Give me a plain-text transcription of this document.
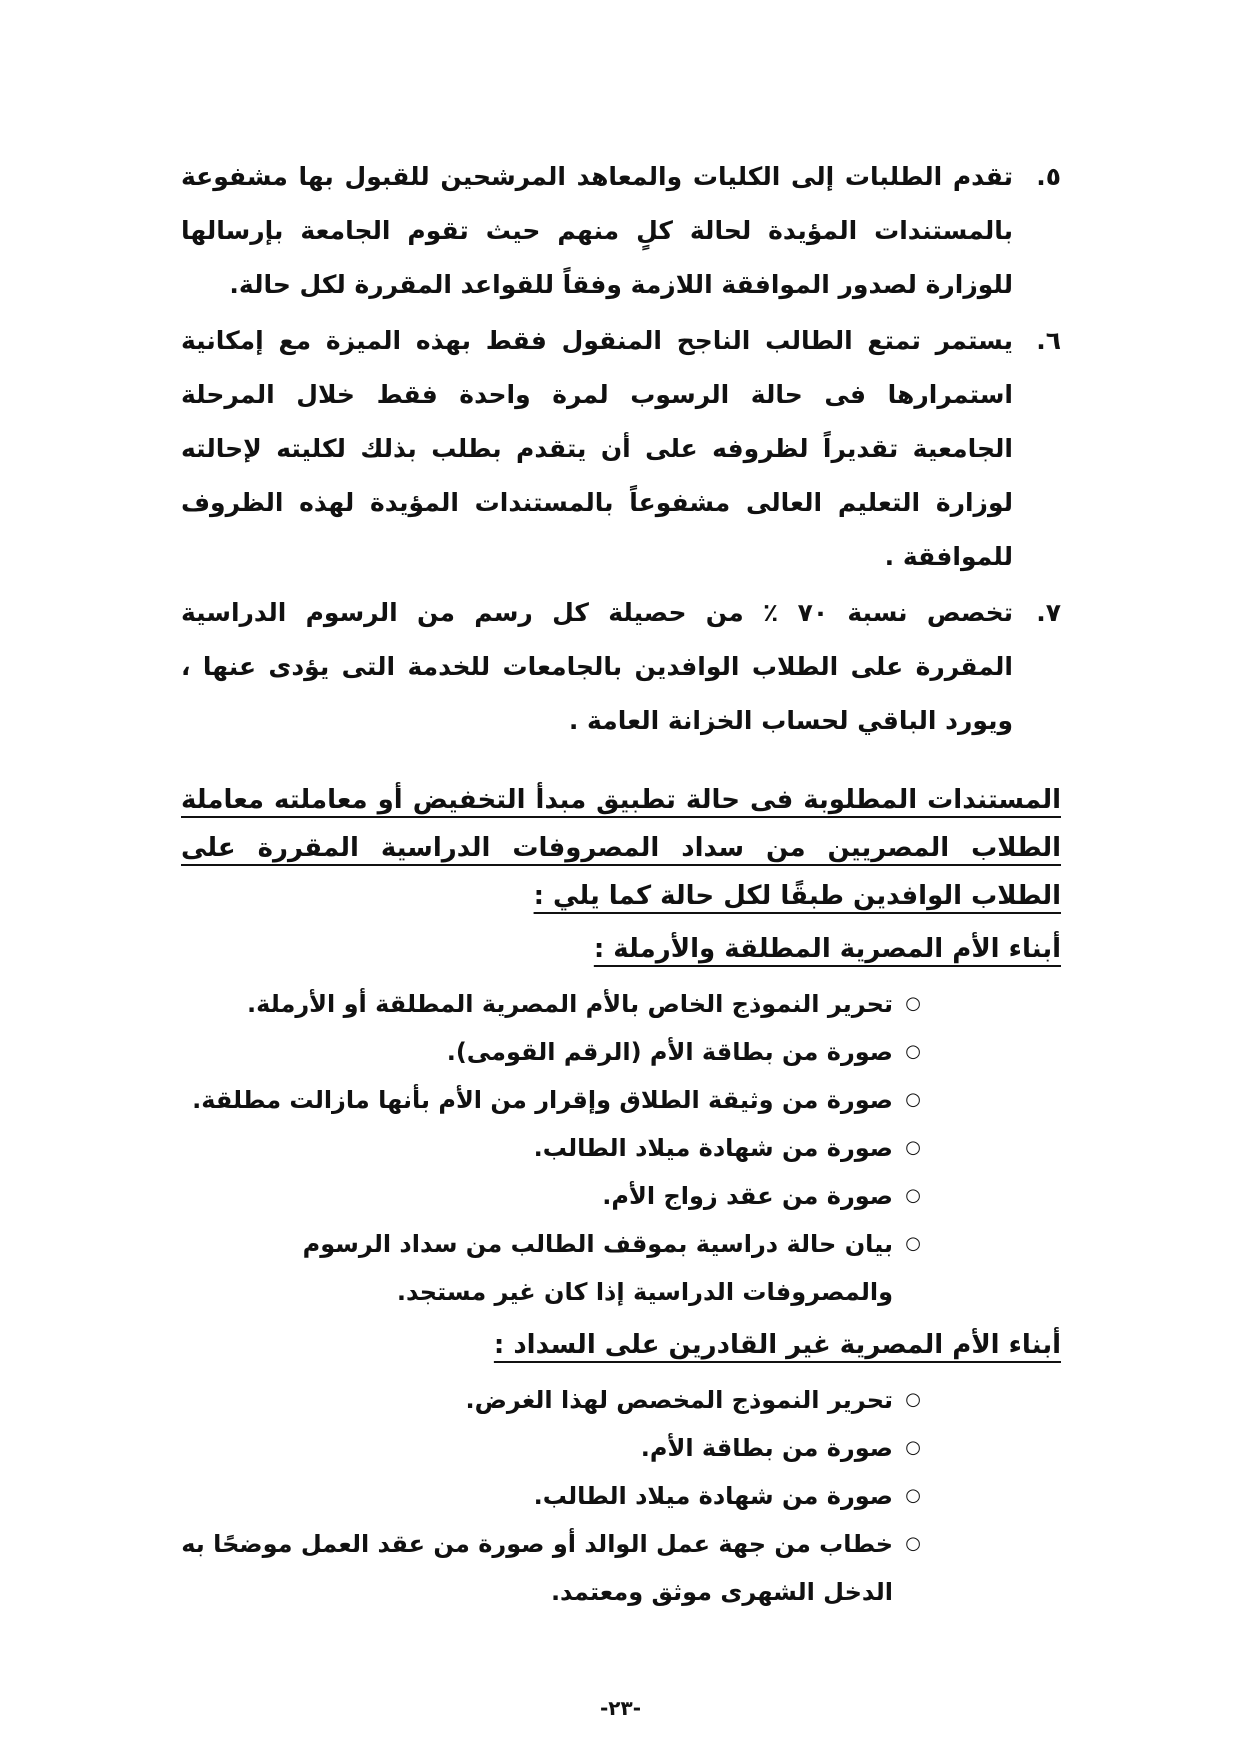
٥.
تقدم الطلبات إلى الكليات والمعاهد المرشحين للقبول بها مشفوعة بالمستندات المؤيدة لحالة كلٍ منهم حيث تقوم الجامعة بإرسالها للوزارة لصدور الموافقة اللازمة وفقاً للقواعد المقررة لكل حالة.
٦.
يستمر تمتع الطالب الناجح المنقول فقط بهذه الميزة مع إمكانية استمرارها فى حالة الرسوب لمرة واحدة فقط خلال المرحلة الجامعية تقديراً لظروفه على أن يتقدم بطلب بذلك لكليته لإحالته لوزارة التعليم العالى مشفوعاً بالمستندات المؤيدة لهذه الظروف للموافقة .
٧.
تخصص نسبة ٧٠ ٪ من حصيلة كل رسم من الرسوم الدراسية المقررة على الطلاب الوافدين بالجامعات للخدمة التى يؤدى عنها ، ويورد الباقي لحساب الخزانة العامة .
المستندات المطلوبة فى حالة تطبيق مبدأ التخفيض أو معاملته معاملة الطلاب المصريين من سداد المصروفات الدراسية المقررة على الطلاب الوافدين طبقًا لكل حالة كما يلي :
أبناء الأم المصرية المطلقة والأرملة :
○
تحرير النموذج الخاص بالأم المصرية المطلقة أو الأرملة.
○
صورة من بطاقة الأم (الرقم القومى).
○
صورة من وثيقة الطلاق وإقرار من الأم بأنها مازالت مطلقة.
○
صورة من شهادة ميلاد الطالب.
○
صورة من عقد زواج الأم.
○
بيان حالة دراسية بموقف الطالب من سداد الرسوم والمصروفات الدراسية إذا كان غير مستجد.
أبناء الأم المصرية غير القادرين على السداد :
○
تحرير النموذج المخصص لهذا الغرض.
○
صورة من بطاقة الأم.
○
صورة من شهادة ميلاد الطالب.
○
خطاب من جهة عمل الوالد أو صورة من عقد العمل موضحًا به الدخل الشهرى موثق ومعتمد.
-٢٣-
